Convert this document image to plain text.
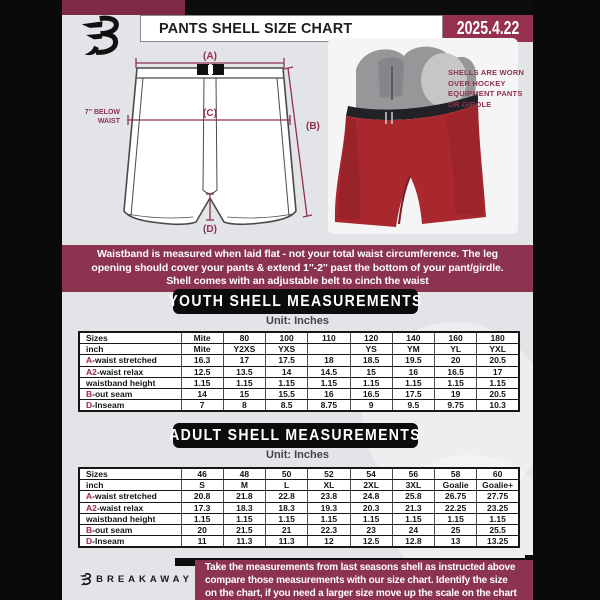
PANTS SHELL SIZE CHART	2025.4.22
(A)
(C)
(B)
(D)
7'' BELOW
WAIST
SHELLS ARE WORN
OVER HOCKEY
EQUIPMENT PANTS
OR GIRDLE
Waistband is measured when laid flat - not your total waist circumference. The leg
opening should cover your pants & extend 1''-2'' past the bottom of your pant/girdle.
Shell comes with an adjustable belt to cinch the waist
YOUTH SHELL MEASUREMENTS
Unit: Inches
Sizes	Mite	80	100	110	120	140	160	180
inch	Mite	Y2XS	YXS		YS	YM	YL	YXL
A-waist stretched	16.3	17	17.5	18	18.5	19.5	20	20.5
A2-waist relax	12.5	13.5	14	14.5	15	16	16.5	17
waistband height	1.15	1.15	1.15	1.15	1.15	1.15	1.15	1.15
B-out seam	14	15	15.5	16	16.5	17.5	19	20.5
D-Inseam	7	8	8.5	8.75	9	9.5	9.75	10.3
ADULT SHELL MEASUREMENTS
Unit: Inches
Sizes	46	48	50	52	54	56	58	60
inch	S	M	L	XL	2XL	3XL	Goalie	Goalie+
A-waist stretched	20.8	21.8	22.8	23.8	24.8	25.8	26.75	27.75
A2-waist relax	17.3	18.3	18.3	19.3	20.3	21.3	22.25	23.25
waistband height	1.15	1.15	1.15	1.15	1.15	1.15	1.15	1.15
B-out seam	20	21.5	21	22.3	23	24	25	25.5
D-Inseam	11	11.3	11.3	12	12.5	12.8	13	13.25
Take the measurements from last seasons shell as instructed above
compare those measurements with our size chart. Identify the size
on the chart, if you need a larger size move up the scale on the chart
BREAKAWAY
